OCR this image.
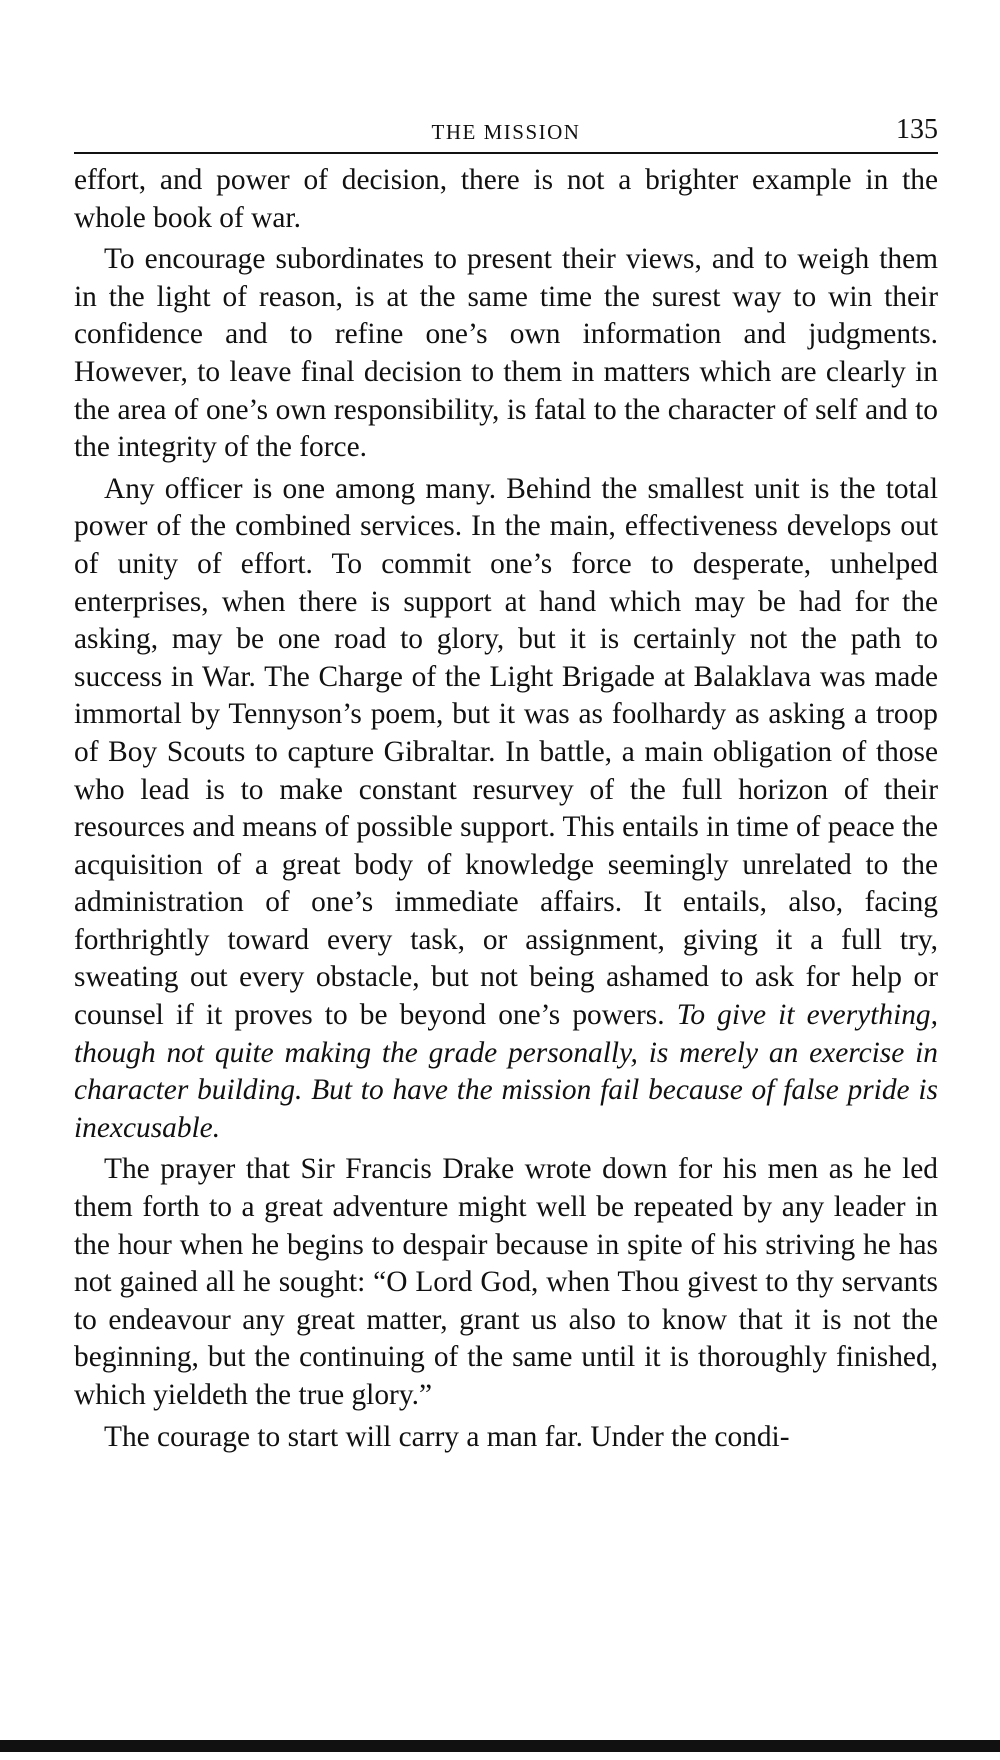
THE MISSION	135

effort, and power of decision, there is not a brighter example in the whole book of war.

To encourage subordinates to present their views, and to weigh them in the light of reason, is at the same time the surest way to win their confidence and to refine one’s own information and judgments. However, to leave final decision to them in matters which are clearly in the area of one’s own responsibility, is fatal to the character of self and to the integrity of the force.

Any officer is one among many. Behind the smallest unit is the total power of the combined services. In the main, effectiveness develops out of unity of effort. To commit one’s force to desperate, unhelped enterprises, when there is support at hand which may be had for the asking, may be one road to glory, but it is certainly not the path to success in War. The Charge of the Light Brigade at Balaklava was made immortal by Tennyson’s poem, but it was as foolhardy as asking a troop of Boy Scouts to capture Gibraltar. In battle, a main obligation of those who lead is to make constant resurvey of the full horizon of their resources and means of possible support. This entails in time of peace the acquisition of a great body of knowledge seemingly unrelated to the administration of one’s immediate affairs. It entails, also, facing forthrightly toward every task, or assignment, giving it a full try, sweating out every obstacle, but not being ashamed to ask for help or counsel if it proves to be beyond one’s powers. To give it everything, though not quite making the grade personally, is merely an exercise in character building. But to have the mission fail because of false pride is inexcusable.

The prayer that Sir Francis Drake wrote down for his men as he led them forth to a great adventure might well be repeated by any leader in the hour when he begins to despair because in spite of his striving he has not gained all he sought: “O Lord God, when Thou givest to thy servants to endeavour any great matter, grant us also to know that it is not the beginning, but the continuing of the same until it is thoroughly finished, which yieldeth the true glory.”

The courage to start will carry a man far. Under the condi-
